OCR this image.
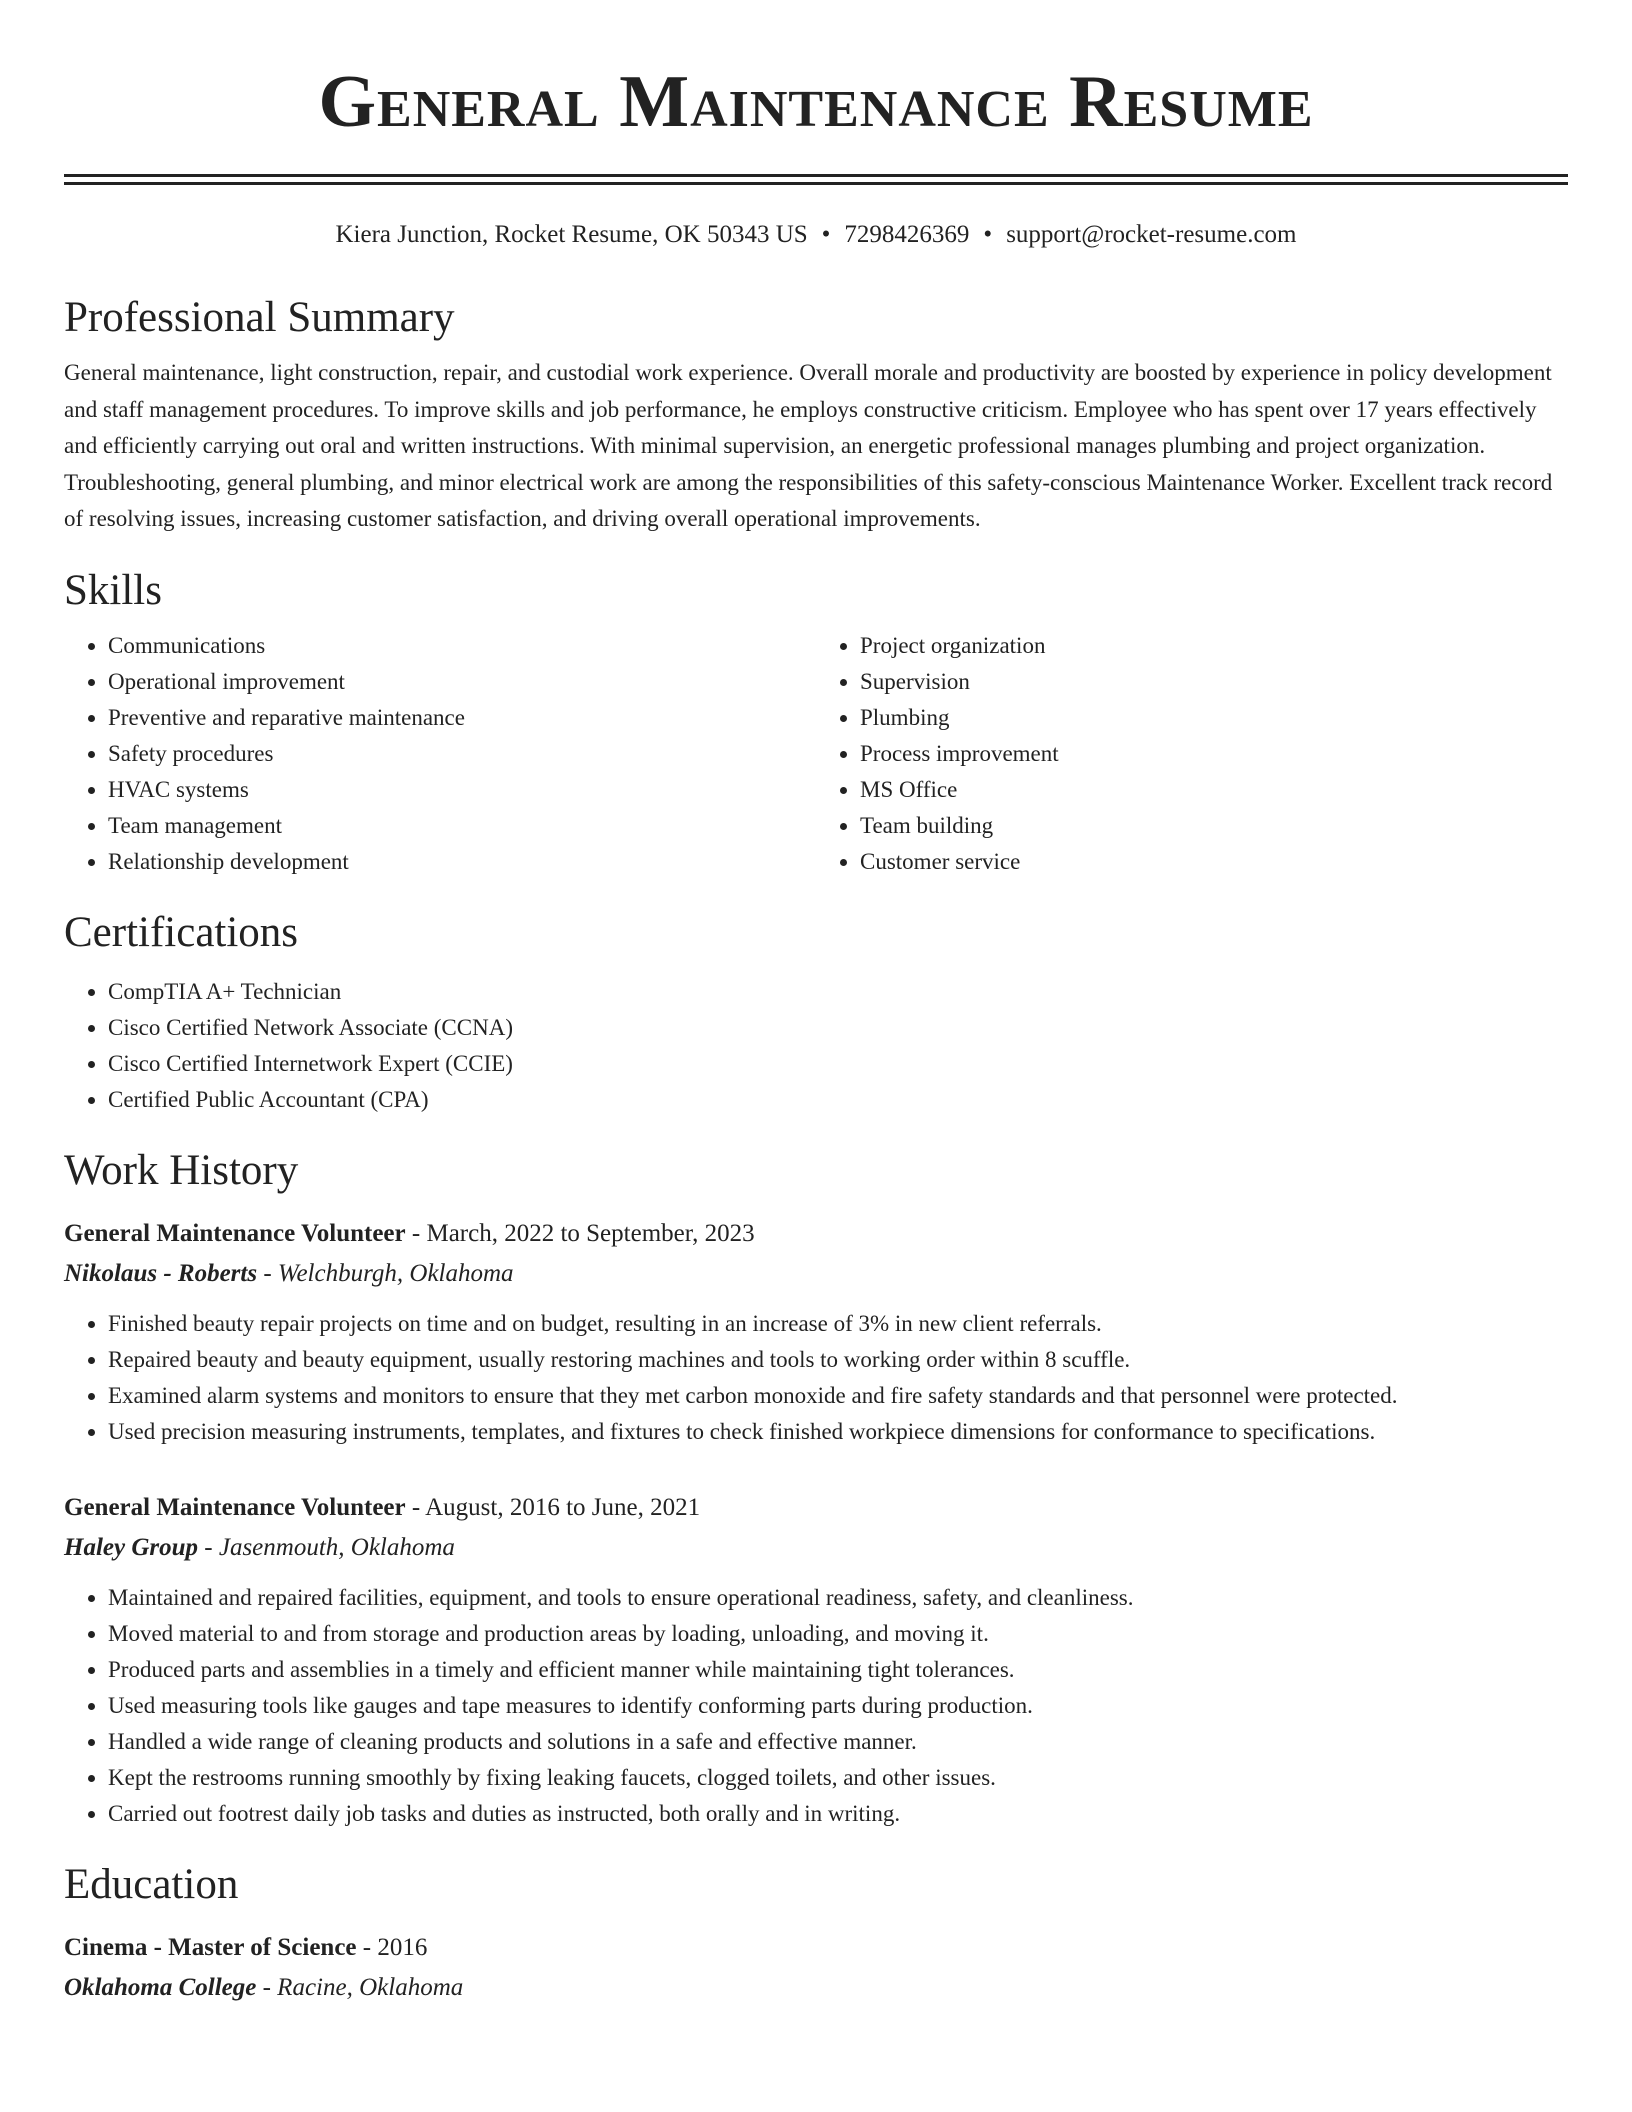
General Maintenance Resume
Kiera Junction, Rocket Resume, OK 50343 US • 7298426369 • support@rocket-resume.com
Professional Summary

General maintenance, light construction, repair, and custodial work experience. Overall morale and productivity are boosted by experience in policy development and staff management procedures. To improve skills and job performance, he employs constructive criticism. Employee who has spent over 17 years effectively and efficiently carrying out oral and written instructions. With minimal supervision, an energetic professional manages plumbing and project organization. Troubleshooting, general plumbing, and minor electrical work are among the responsibilities of this safety-conscious Maintenance Worker. Excellent track record of resolving issues, increasing customer satisfaction, and driving overall operational improvements.

Skills
• Communications
• Operational improvement
• Preventive and reparative maintenance
• Safety procedures
• HVAC systems
• Team management
• Relationship development
• Project organization
• Supervision
• Plumbing
• Process improvement
• MS Office
• Team building
• Customer service
Certifications
• CompTIA A+ Technician
• Cisco Certified Network Associate (CCNA)
• Cisco Certified Internetwork Expert (CCIE)
• Certified Public Accountant (CPA)
Work History
General Maintenance Volunteer - March, 2022 to September, 2023
Nikolaus - Roberts - Welchburgh, Oklahoma
• Finished beauty repair projects on time and on budget, resulting in an increase of 3% in new client referrals.
• Repaired beauty and beauty equipment, usually restoring machines and tools to working order within 8 scuffle.
• Examined alarm systems and monitors to ensure that they met carbon monoxide and fire safety standards and that personnel were protected.
• Used precision measuring instruments, templates, and fixtures to check finished workpiece dimensions for conformance to specifications.
General Maintenance Volunteer - August, 2016 to June, 2021
Haley Group - Jasenmouth, Oklahoma
• Maintained and repaired facilities, equipment, and tools to ensure operational readiness, safety, and cleanliness.
• Moved material to and from storage and production areas by loading, unloading, and moving it.
• Produced parts and assemblies in a timely and efficient manner while maintaining tight tolerances.
• Used measuring tools like gauges and tape measures to identify conforming parts during production.
• Handled a wide range of cleaning products and solutions in a safe and effective manner.
• Kept the restrooms running smoothly by fixing leaking faucets, clogged toilets, and other issues.
• Carried out footrest daily job tasks and duties as instructed, both orally and in writing.
Education
Cinema - Master of Science - 2016
Oklahoma College - Racine, Oklahoma
